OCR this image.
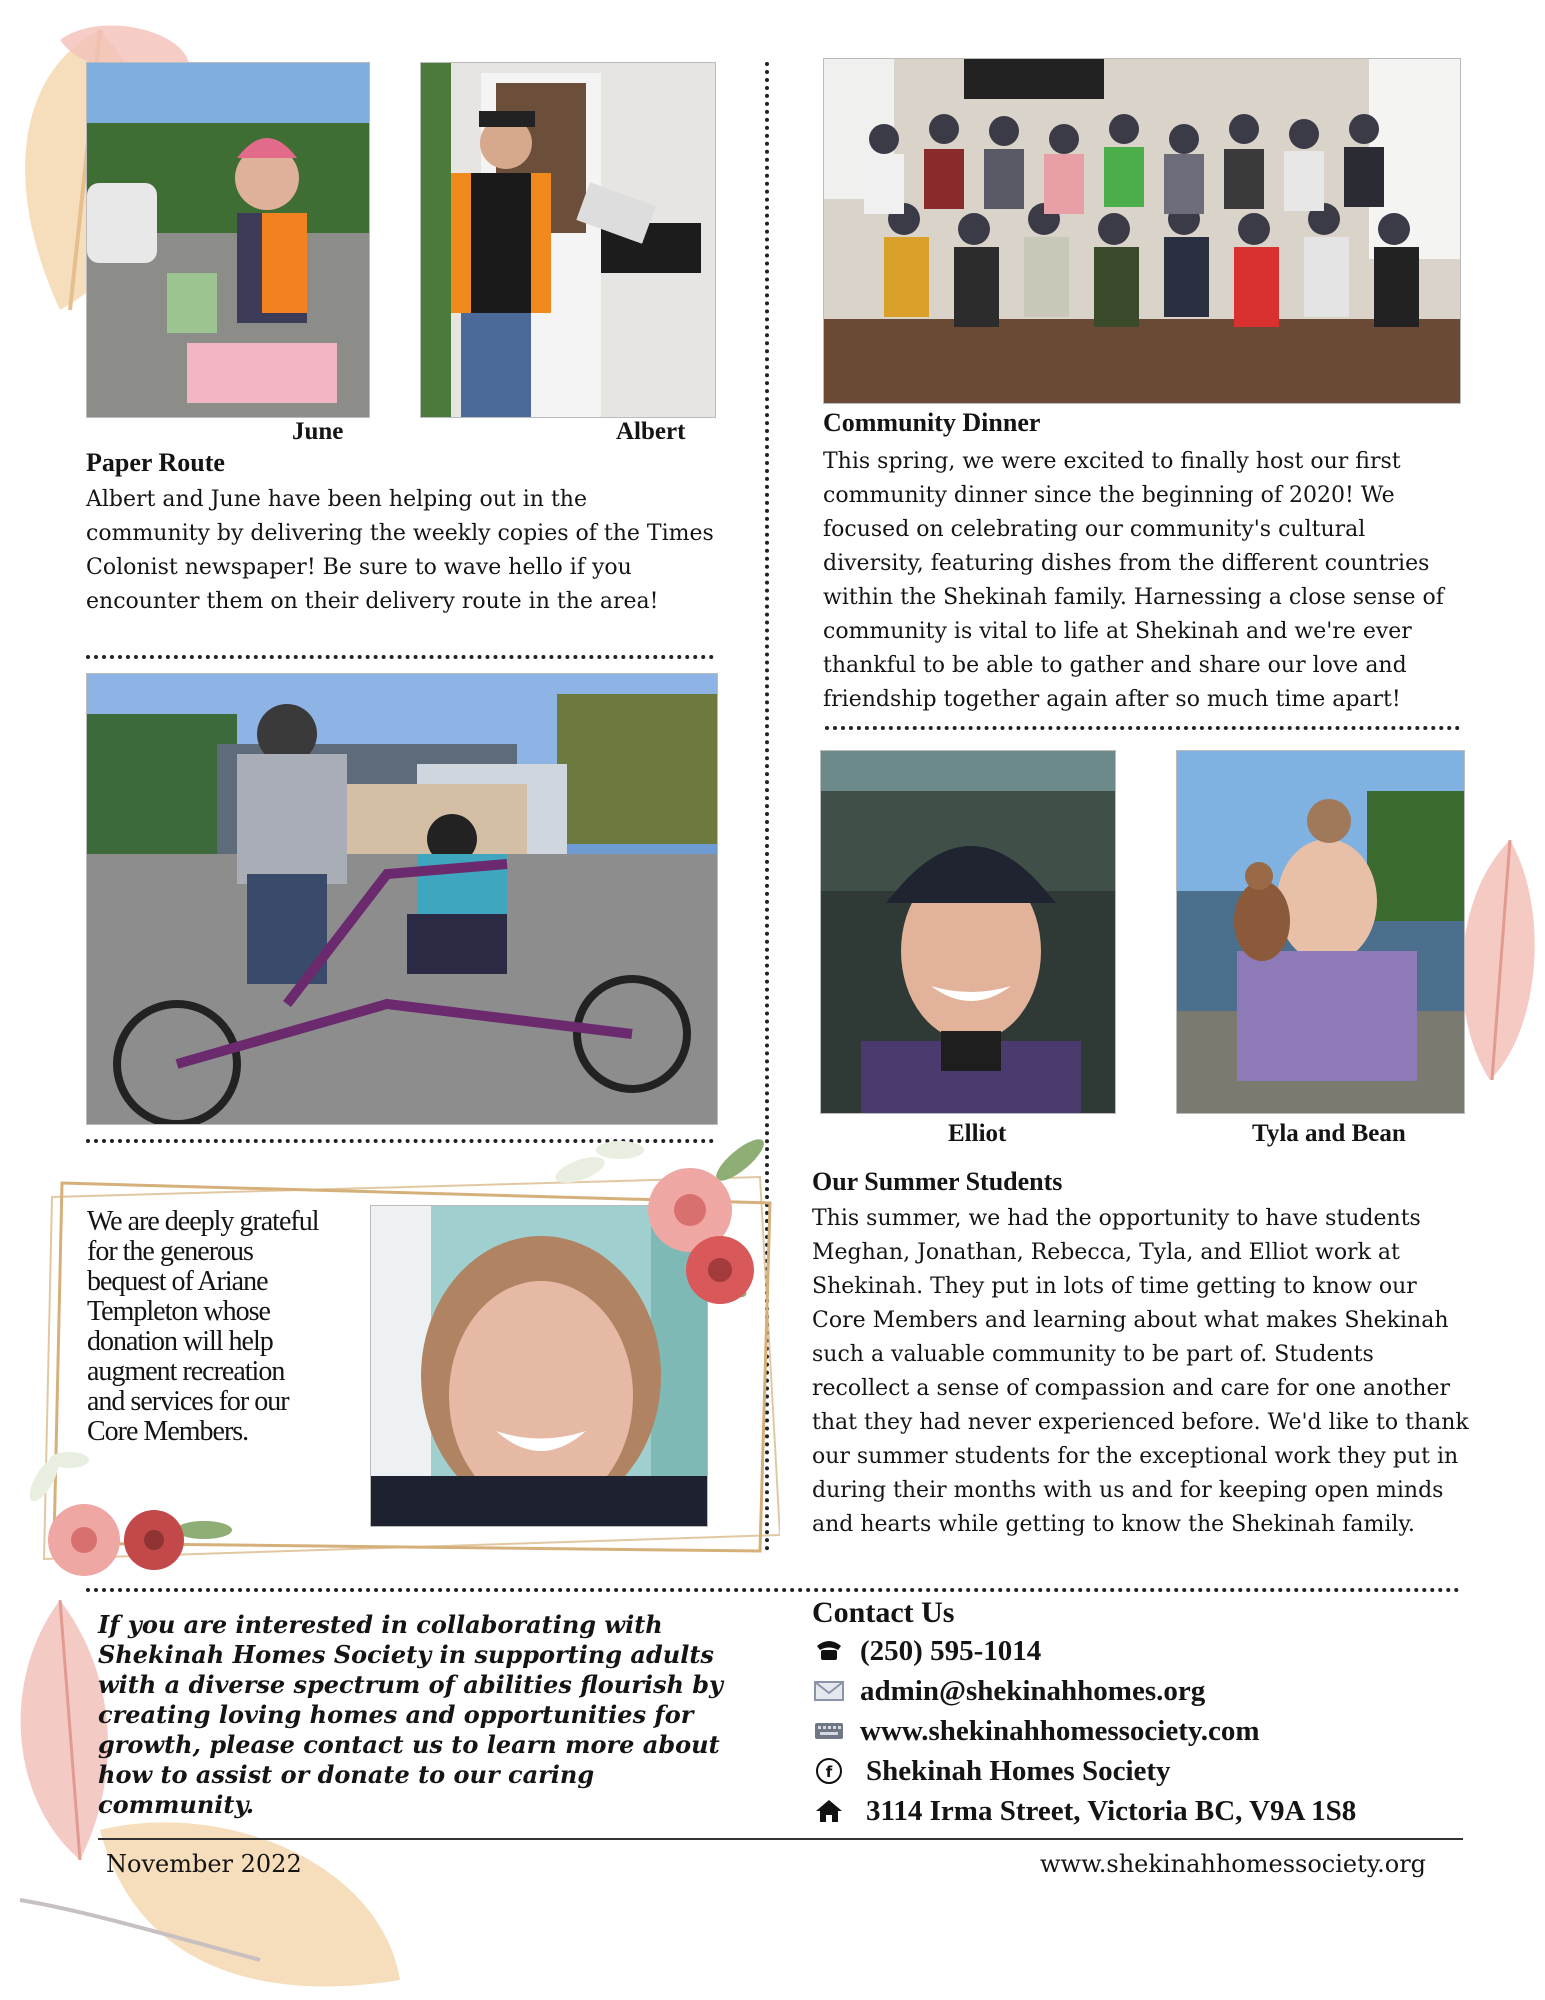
June	Albert
Paper Route
Albert and June have been helping out in the community by delivering the weekly copies of the Times Colonist newspaper! Be sure to wave hello if you encounter them on their delivery route in the area!
We are deeply grateful for the generous bequest of Ariane Templeton whose donation will help augment recreation and services for our Core Members.
Community Dinner
This spring, we were excited to finally host our first community dinner since the beginning of 2020! We focused on celebrating our community's cultural diversity, featuring dishes from the different countries within the Shekinah family. Harnessing a close sense of community is vital to life at Shekinah and we're ever thankful to be able to gather and share our love and friendship together again after so much time apart!
Elliot	Tyla and Bean
Our Summer Students
This summer, we had the opportunity to have students Meghan, Jonathan, Rebecca, Tyla, and Elliot work at Shekinah. They put in lots of time getting to know our Core Members and learning about what makes Shekinah such a valuable community to be part of. Students recollect a sense of compassion and care for one another that they had never experienced before. We'd like to thank our summer students for the exceptional work they put in during their months with us and for keeping open minds and hearts while getting to know the Shekinah family.
If you are interested in collaborating with Shekinah Homes Society in supporting adults with a diverse spectrum of abilities flourish by creating loving homes and opportunities for growth, please contact us to learn more about how to assist or donate to our caring community.
Contact Us
(250) 595-1014
admin@shekinahhomes.org
www.shekinahhomessociety.com
f Shekinah Homes Society
3114 Irma Street, Victoria BC, V9A 1S8
November 2022	www.shekinahhomessociety.org
